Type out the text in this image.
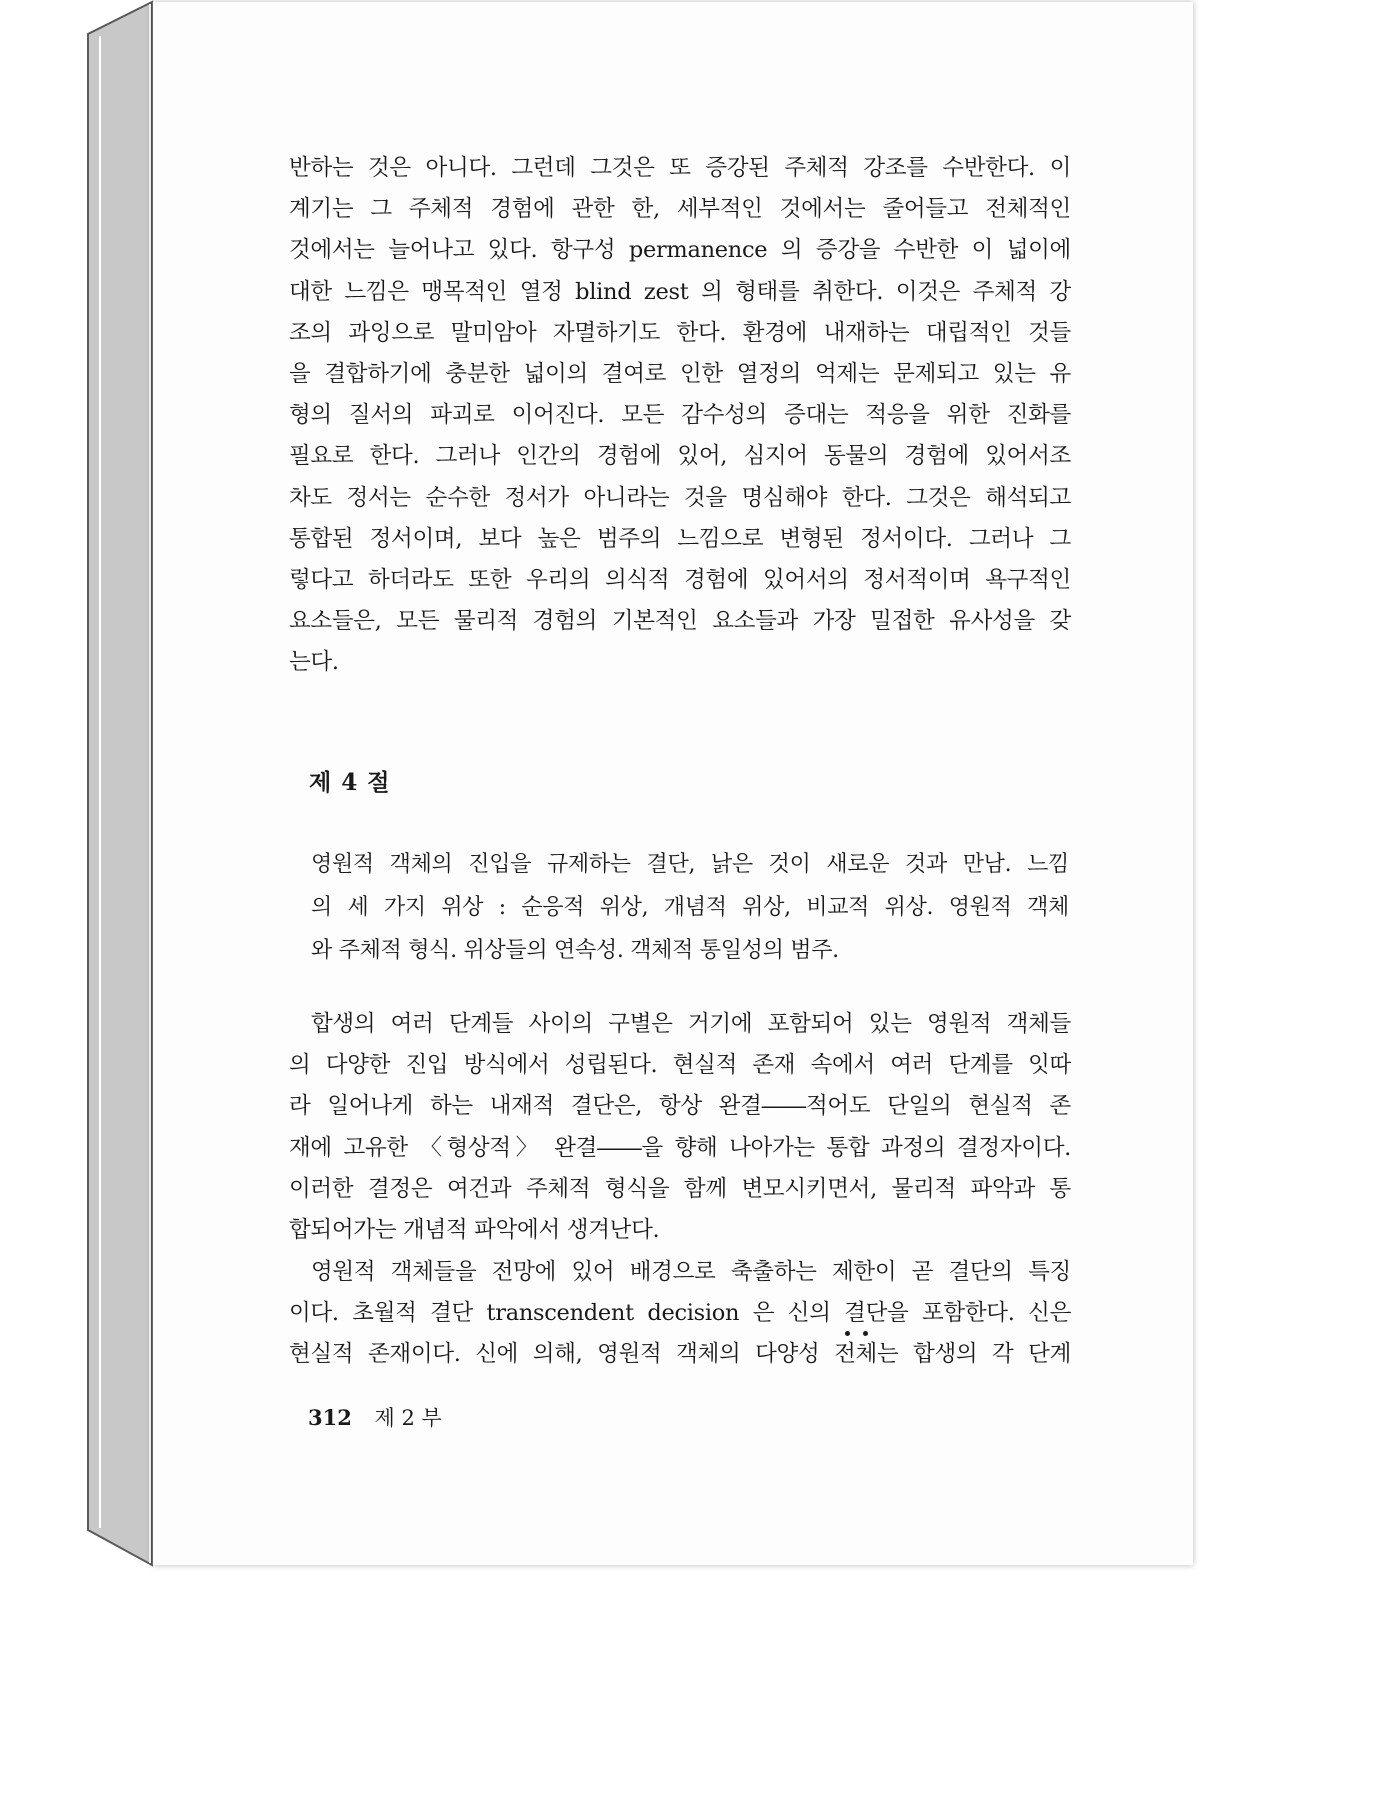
반하는 것은 아니다. 그런데 그것은 또 증강된 주체적 강조를 수반한다. 이
계기는 그 주체적 경험에 관한 한, 세부적인 것에서는 줄어들고 전체적인
것에서는 늘어나고 있다. 항구성 permanence 의 증강을 수반한 이 넓이에
대한 느낌은 맹목적인 열정 blind zest 의 형태를 취한다. 이것은 주체적 강
조의 과잉으로 말미암아 자멸하기도 한다. 환경에 내재하는 대립적인 것들
을 결합하기에 충분한 넓이의 결여로 인한 열정의 억제는 문제되고 있는 유
형의 질서의 파괴로 이어진다. 모든 감수성의 증대는 적응을 위한 진화를
필요로 한다. 그러나 인간의 경험에 있어, 심지어 동물의 경험에 있어서조
차도 정서는 순수한 정서가 아니라는 것을 명심해야 한다. 그것은 해석되고
통합된 정서이며, 보다 높은 범주의 느낌으로 변형된 정서이다. 그러나 그
렇다고 하더라도 또한 우리의 의식적 경험에 있어서의 정서적이며 욕구적인
요소들은, 모든 물리적 경험의 기본적인 요소들과 가장 밀접한 유사성을 갖
는다.
제 4 절
영원적 객체의 진입을 규제하는 결단, 낡은 것이 새로운 것과 만남. 느낌
의 세 가지 위상 : 순응적 위상, 개념적 위상, 비교적 위상. 영원적 객체
와 주체적 형식. 위상들의 연속성. 객체적 통일성의 범주.
합생의 여러 단계들 사이의 구별은 거기에 포함되어 있는 영원적 객체들
의 다양한 진입 방식에서 성립된다. 현실적 존재 속에서 여러 단계를 잇따
라 일어나게 하는 내재적 결단은, 항상 완결――적어도 단일의 현실적 존
재에 고유한 〈형상적〉 완결――을 향해 나아가는 통합 과정의 결정자이다.
이러한 결정은 여건과 주체적 형식을 함께 변모시키면서, 물리적 파악과 통
합되어가는 개념적 파악에서 생겨난다.
영원적 객체들을 전망에 있어 배경으로 축출하는 제한이 곧 결단의 특징
이다. 초월적 결단 transcendent decision 은 신의 결단을 포함한다. 신은
현실적 존재이다. 신에 의해, 영원적 객체의 다양성 전체는 합생의 각 단계

312 제 2 부
